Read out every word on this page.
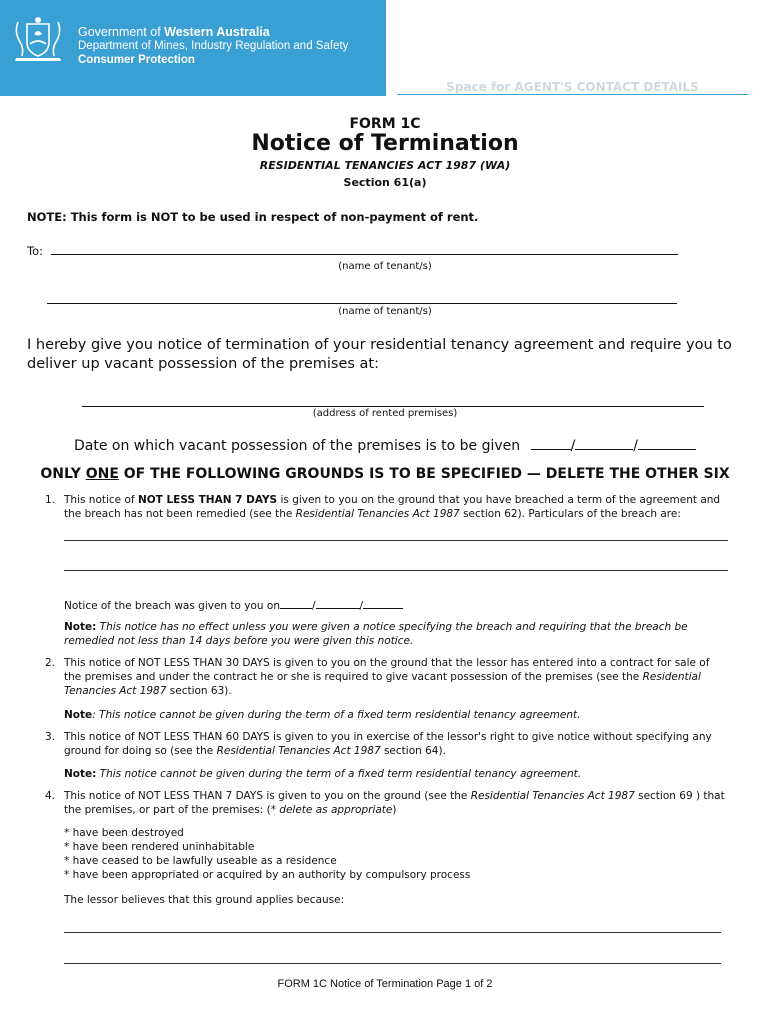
Government of Western Australia
Department of Mines, Industry Regulation and Safety
Consumer Protection
Space for AGENT'S CONTACT DETAILS
FORM 1C
Notice of Termination
RESIDENTIAL TENANCIES ACT 1987 (WA)
Section 61(a)
NOTE: This form is NOT to be used in respect of non-payment of rent.
To:
(name of tenant/s)
(name of tenant/s)
I hereby give you notice of termination of your residential tenancy agreement and require you to deliver up vacant possession of the premises at:
(address of rented premises)
Date on which vacant possession of the premises is to be given	/	/
ONLY ONE OF THE FOLLOWING GROUNDS IS TO BE SPECIFIED — DELETE THE OTHER SIX
1. This notice of NOT LESS THAN 7 DAYS is given to you on the ground that you have breached a term of the agreement and the breach has not been remedied (see the Residential Tenancies Act 1987 section 62). Particulars of the breach are:
Notice of the breach was given to you on	/	/
Note: This notice has no effect unless you were given a notice specifying the breach and requiring that the breach be remedied not less than 14 days before you were given this notice.
2. This notice of NOT LESS THAN 30 DAYS is given to you on the ground that the lessor has entered into a contract for sale of the premises and under the contract he or she is required to give vacant possession of the premises (see the Residential Tenancies Act 1987 section 63).
Note: This notice cannot be given during the term of a fixed term residential tenancy agreement.
3. This notice of NOT LESS THAN 60 DAYS is given to you in exercise of the lessor's right to give notice without specifying any ground for doing so (see the Residential Tenancies Act 1987 section 64).
Note: This notice cannot be given during the term of a fixed term residential tenancy agreement.
4. This notice of NOT LESS THAN 7 DAYS is given to you on the ground (see the Residential Tenancies Act 1987 section 69 ) that the premises, or part of the premises: (* delete as appropriate)
* have been destroyed
* have been rendered uninhabitable
* have ceased to be lawfully useable as a residence
* have been appropriated or acquired by an authority by compulsory process
The lessor believes that this ground applies because:
FORM 1C Notice of Termination Page 1 of 2
